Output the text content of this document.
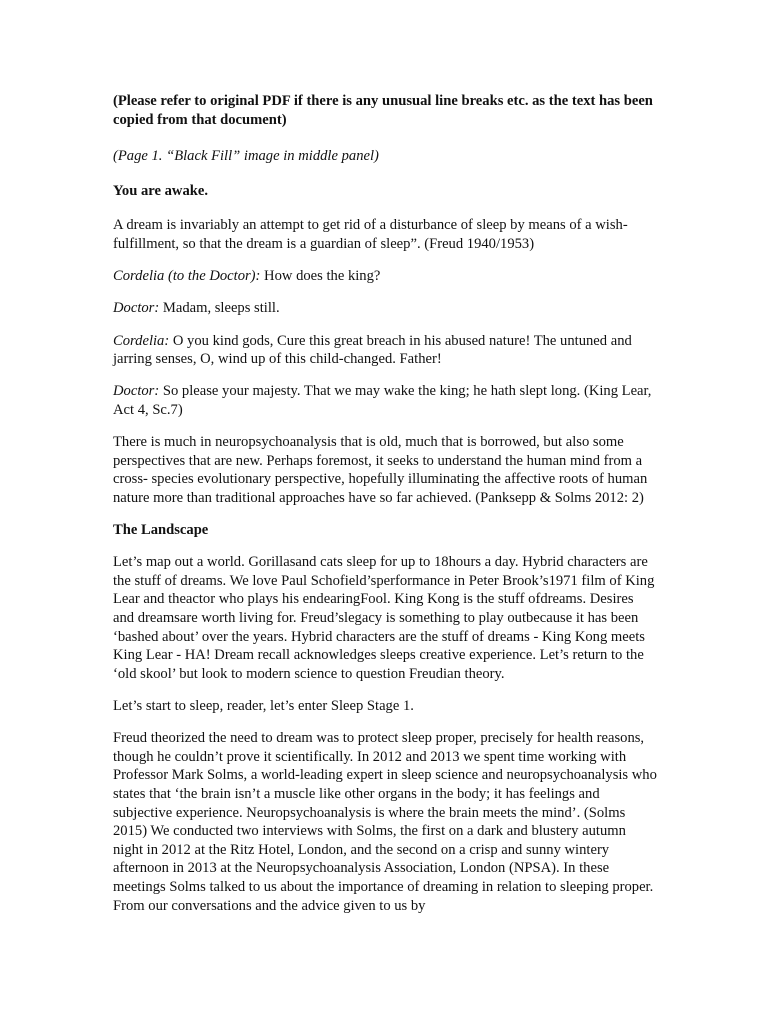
(Please refer to original PDF if there is any unusual line breaks etc. as the text has been copied from that document)

(Page 1. “Black Fill” image in middle panel)

You are awake.

A dream is invariably an attempt to get rid of a disturbance of sleep by means of a wish-fulfillment, so that the dream is a guardian of sleep”. (Freud 1940/1953)

Cordelia (to the Doctor): How does the king?

Doctor: Madam, sleeps still.

Cordelia: O you kind gods, Cure this great breach in his abused nature! The untuned and jarring senses, O, wind up of this child-changed. Father!

Doctor: So please your majesty. That we may wake the king; he hath slept long. (King Lear, Act 4, Sc.7)

There is much in neuropsychoanalysis that is old, much that is borrowed, but also some perspectives that are new. Perhaps foremost, it seeks to understand the human mind from a cross- species evolutionary perspective, hopefully illuminating the affective roots of human nature more than traditional approaches have so far achieved. (Panksepp & Solms 2012: 2)

The Landscape

Let’s map out a world. Gorillasand cats sleep for up to 18hours a day. Hybrid characters are the stuff of dreams. We love Paul Schofield’sperformance in Peter Brook’s1971 film of King Lear and theactor who plays his endearingFool. King Kong is the stuff ofdreams. Desires and dreamsare worth living for. Freud’slegacy is something to play outbecause it has been ‘bashed about’ over the years. Hybrid characters are the stuff of dreams - King Kong meets King Lear - HA! Dream recall acknowledges sleeps creative experience. Let’s return to the ‘old skool’ but look to modern science to question Freudian theory.

Let’s start to sleep, reader, let’s enter Sleep Stage 1.

Freud theorized the need to dream was to protect sleep proper, precisely for health reasons, though he couldn’t prove it scientifically. In 2012 and 2013 we spent time working with Professor Mark Solms, a world-leading expert in sleep science and neuropsychoanalysis who states that ‘the brain isn’t a muscle like other organs in the body; it has feelings and subjective experience. Neuropsychoanalysis is where the brain meets the mind’. (Solms 2015) We conducted two interviews with Solms, the first on a dark and blustery autumn night in 2012 at the Ritz Hotel, London, and the second on a crisp and sunny wintery afternoon in 2013 at the Neuropsychoanalysis Association, London (NPSA). In these meetings Solms talked to us about the importance of dreaming in relation to sleeping proper. From our conversations and the advice given to us by
